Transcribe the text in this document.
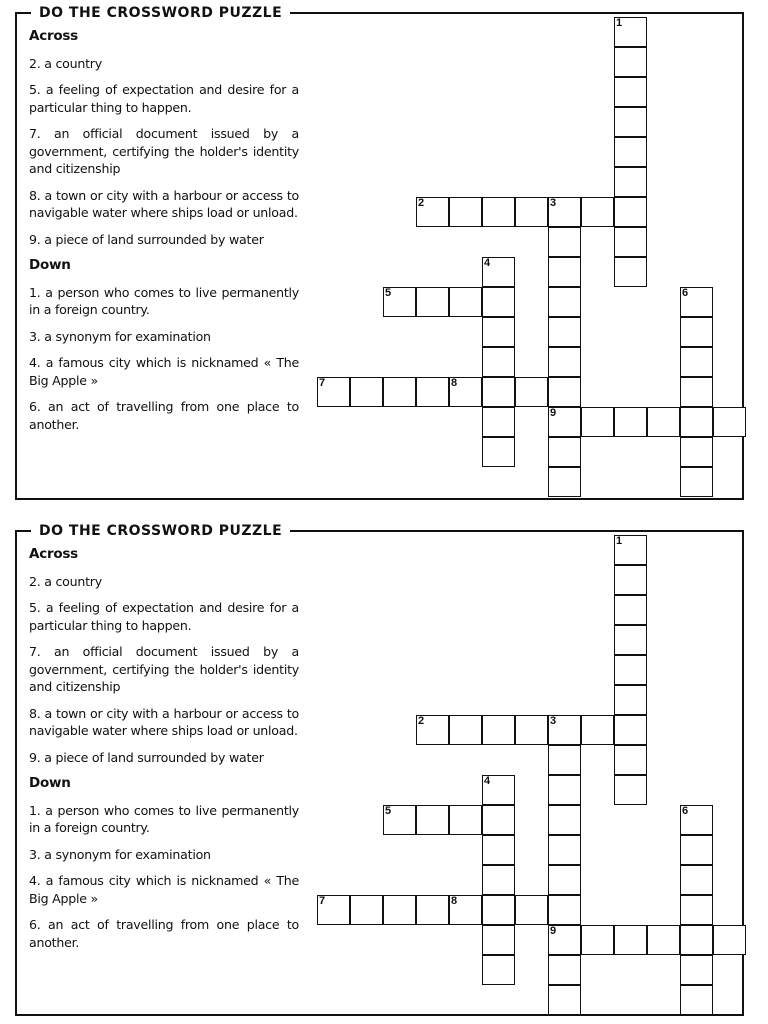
DO THE CROSSWORD PUZZLE
Across
2. a country
5. a feeling of expectation and desire for a particular thing to happen.
7. an official document issued by a government, certifying the holder's identity and citizenship
8. a town or city with a harbour or access to navigable water where ships load or unload.
9. a piece of land surrounded by water
Down
1. a person who comes to live permanently in a foreign country.
3. a synonym for examination
4. a famous city which is nicknamed « The Big Apple »
6. an act of travelling from one place to another.
1
2	3
9
4
5	6
7	8
DO THE CROSSWORD PUZZLE
Across
2. a country
5. a feeling of expectation and desire for a particular thing to happen.
7. an official document issued by a government, certifying the holder's identity and citizenship
8. a town or city with a harbour or access to navigable water where ships load or unload.
9. a piece of land surrounded by water
Down
1. a person who comes to live permanently in a foreign country.
3. a synonym for examination
4. a famous city which is nicknamed « The Big Apple »
6. an act of travelling from one place to another.
1
2	3
9
4
5	6
7	8
